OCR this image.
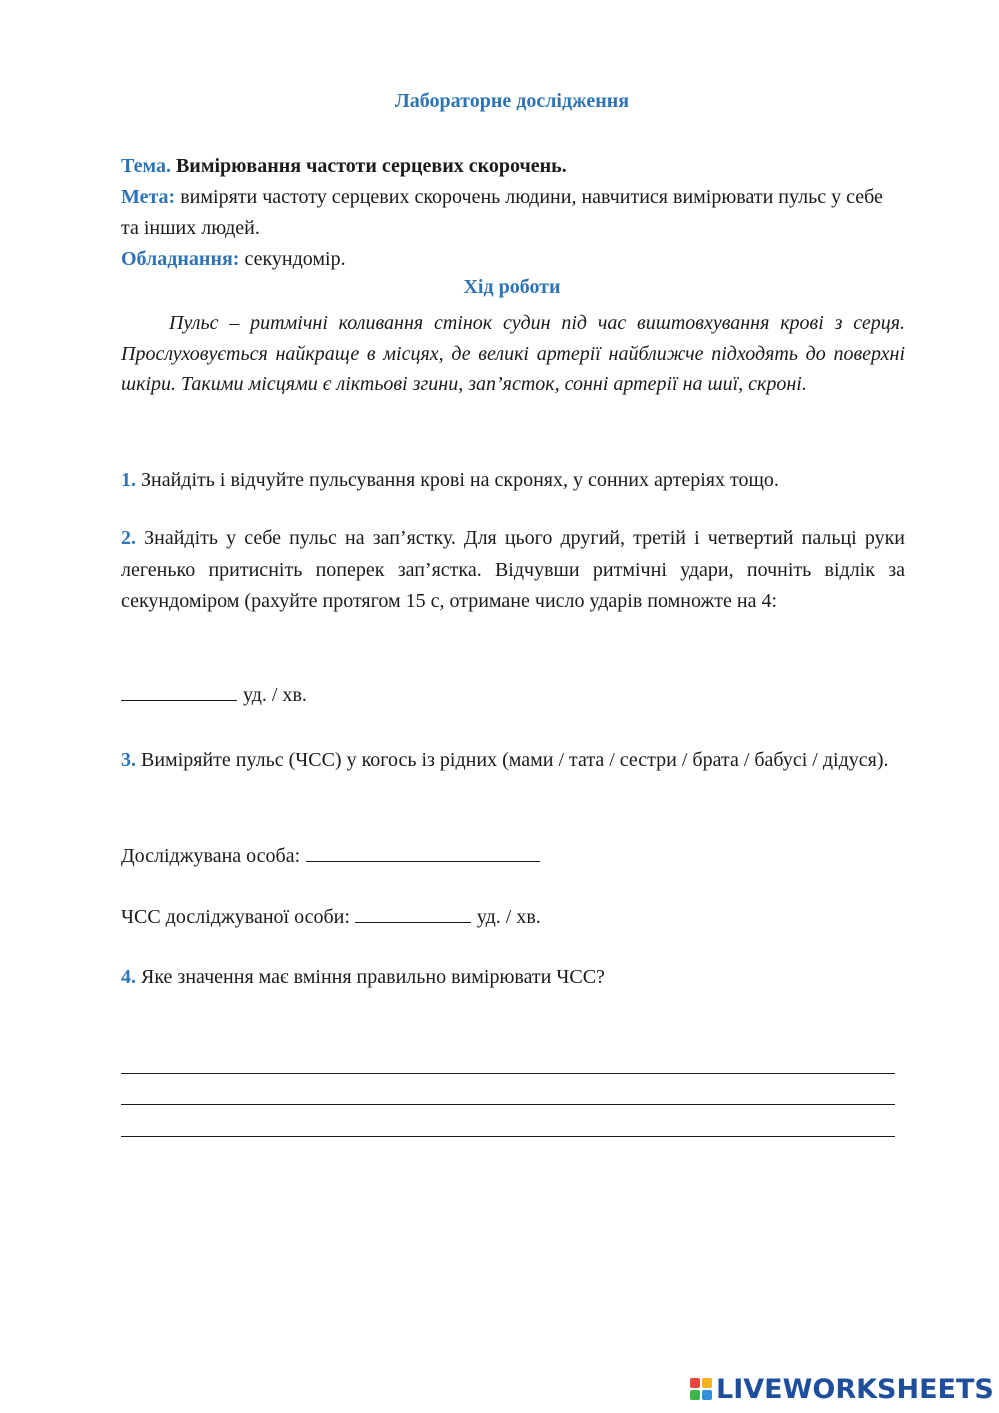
Лабораторне дослідження

Тема. Вимірювання частоти серцевих скорочень.

Мета: виміряти частоту серцевих скорочень людини, навчитися вимірювати пульс у себе та інших людей.

Обладнання: секундомір.

Хід роботи

Пульс – ритмічні коливання стінок судин під час виштовхування крові з серця. Прослуховується найкраще в місцях, де великі артерії найближче підходять до поверхні шкіри. Такими місцями є ліктьові згини, зап’ясток, сонні артерії на шиї, скроні.

1. Знайдіть і відчуйте пульсування крові на скронях, у сонних артеріях тощо.

2. Знайдіть у себе пульс на зап’ястку. Для цього другий, третій і четвертий пальці руки легенько притисніть поперек зап’ястка. Відчувши ритмічні удари, почніть відлік за секундоміром (рахуйте протягом 15 с, отримане число ударів помножте на 4:

уд. / хв.

3. Виміряйте пульс (ЧСС) у когось із рідних (мами / тата / сестри / брата / бабусі / дідуся).

Досліджувана особа:

ЧСС досліджуваної особи:	уд. / хв.

4. Яке значення має вміння правильно вимірювати ЧСС?

LIVEWORKSHEETS
